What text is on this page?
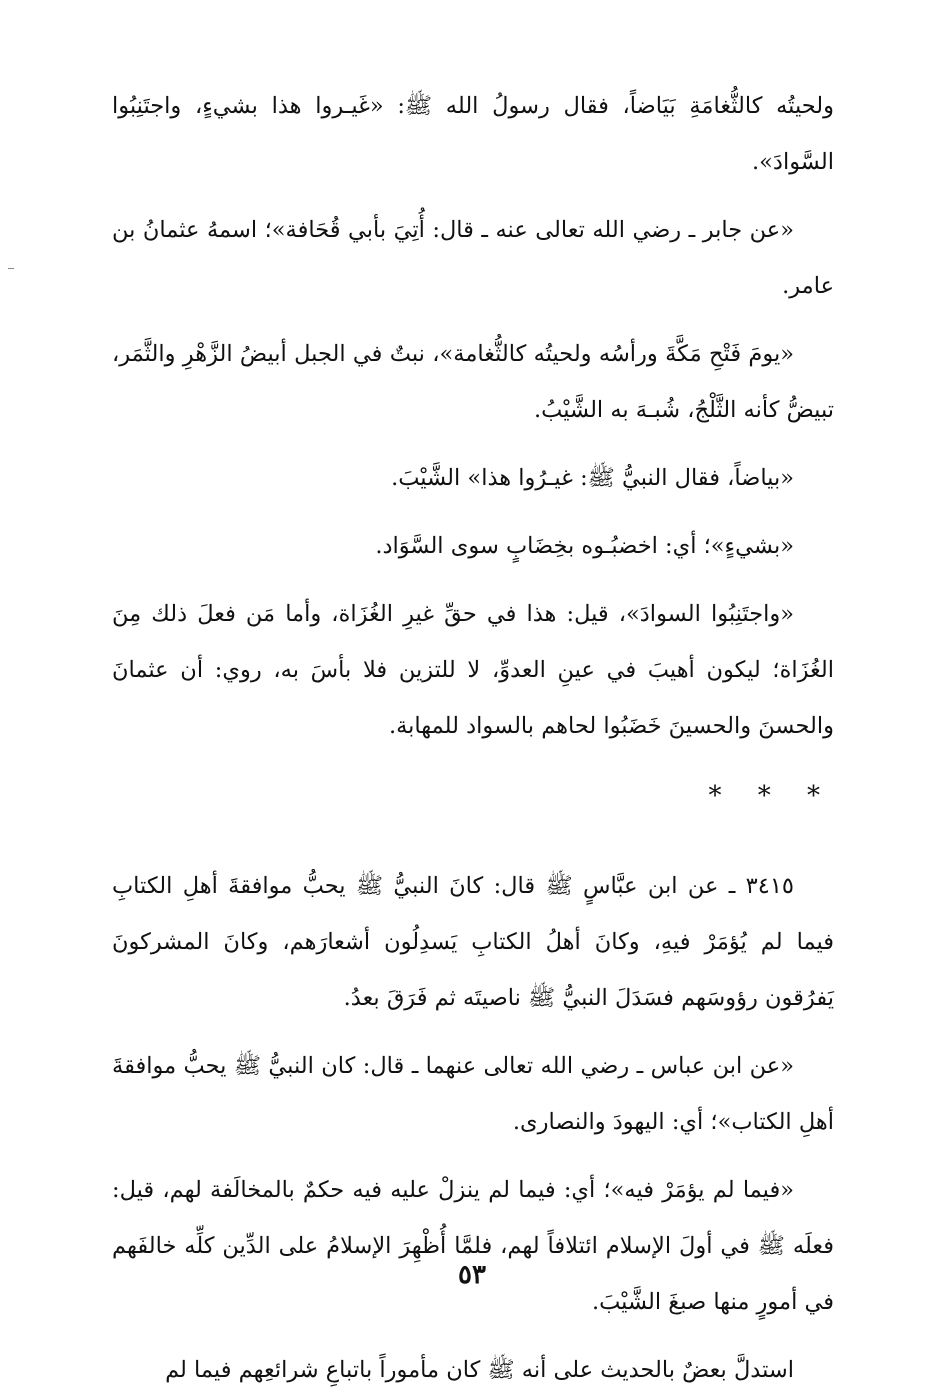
ولحيتُه كالثُّغامَةِ بَيَاضاً، فقال رسولُ الله ﷺ: «غَيـروا هذا بشيءٍ، واجتَنِبُوا السَّوادَ».

«عن جابر ـ رضي الله تعالى عنه ـ قال: أُتِيَ بأبي قُحَافة»؛ اسمهُ عثمانُ بن عامر.

«يومَ فَتْحِ مَكَّةَ ورأسُه ولحيتُه كالثُّغامة»، نبتٌ في الجبل أبيضُ الزَّهْرِ والثَّمَر، تبيضُّ كأنه الثَّلْجُ، شُبـهَ به الشَّيْبُ.

«بياضاً، فقال النبيُّ ﷺ: غيـرُوا هذا» الشَّيْبَ.

«بشيءٍ»؛ أي: اخضبُـوه بخِضَابٍ سوى السَّوَاد.

«واجتَنِبُوا السوادَ»، قيل: هذا في حقِّ غيرِ الغُزَاة، وأما مَن فعلَ ذلك مِنَ الغُزَاة؛ ليكون أهيبَ في عينِ العدوِّ، لا للتزين فلا بأسَ به، روي: أن عثمانَ والحسنَ والحسينَ خَضَبُوا لحاهم بالسواد للمهابة.

* * *

٣٤١٥ ـ عن ابن عبَّاسٍ ﷺ قال: كانَ النبيُّ ﷺ يحبُّ موافقةَ أهلِ الكتابِ فيما لم يُؤمَرْ فيهِ، وكانَ أهلُ الكتابِ يَسدِلُون أشعارَهم، وكانَ المشركونَ يَفرُقون رؤوسَهم فسَدَلَ النبيُّ ﷺ ناصيتَه ثم فَرَقَ بعدُ.

«عن ابن عباس ـ رضي الله تعالى عنهما ـ قال: كان النبيُّ ﷺ يحبُّ موافقةَ أهلِ الكتاب»؛ أي: اليهودَ والنصارى.

«فيما لم يؤمَرْ فيه»؛ أي: فيما لم ينزلْ عليه فيه حكمٌ بالمخالَفة لهم، قيل: فعلَه ﷺ في أولَ الإسلام ائتلافاً لهم، فلمَّا أُظْهِرَ الإسلامُ على الدِّين كلِّه خالفَهم في أمورٍ منها صبغَ الشَّيْبَ.

استدلَّ بعضٌ بالحديث على أنه ﷺ كان مأموراً باتباعِ شرائعِهم فيما لم

٥٣
